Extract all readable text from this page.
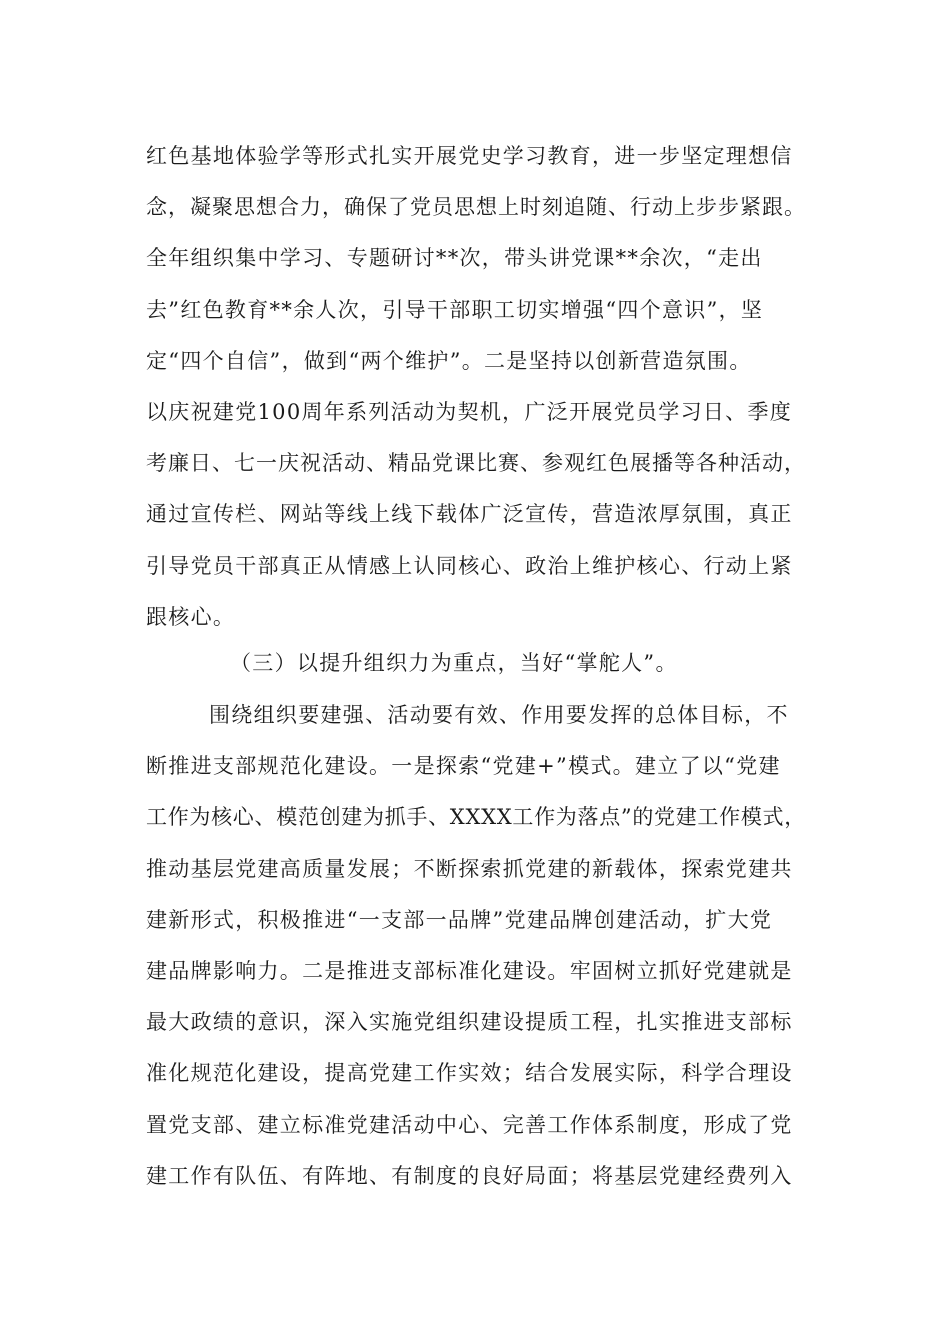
红色基地体验学等形式扎实开展党史学习教育，进一步坚定理想信
念，凝聚思想合力，确保了党员思想上时刻追随、行动上步步紧跟。
全年组织集中学习、专题研讨**次，带头讲党课**余次，“走出
去”红色教育**余人次，引导干部职工切实增强“四个意识”，坚
定“四个自信”，做到“两个维护”。二是坚持以创新营造氛围。
以庆祝建党100周年系列活动为契机，广泛开展党员学习日、季度
考廉日、七一庆祝活动、精品党课比赛、参观红色展播等各种活动，
通过宣传栏、网站等线上线下载体广泛宣传，营造浓厚氛围，真正
引导党员干部真正从情感上认同核心、政治上维护核心、行动上紧
跟核心。
（三）以提升组织力为重点，当好“掌舵人”。
围绕组织要建强、活动要有效、作用要发挥的总体目标，不
断推进支部规范化建设。一是探索“党建+”模式。建立了以“党建
工作为核心、模范创建为抓手、XXXX工作为落点”的党建工作模式，
推动基层党建高质量发展；不断探索抓党建的新载体，探索党建共
建新形式，积极推进“一支部一品牌”党建品牌创建活动，扩大党
建品牌影响力。二是推进支部标准化建设。牢固树立抓好党建就是
最大政绩的意识，深入实施党组织建设提质工程，扎实推进支部标
准化规范化建设，提高党建工作实效；结合发展实际，科学合理设
置党支部、建立标准党建活动中心、完善工作体系制度，形成了党
建工作有队伍、有阵地、有制度的良好局面；将基层党建经费列入
